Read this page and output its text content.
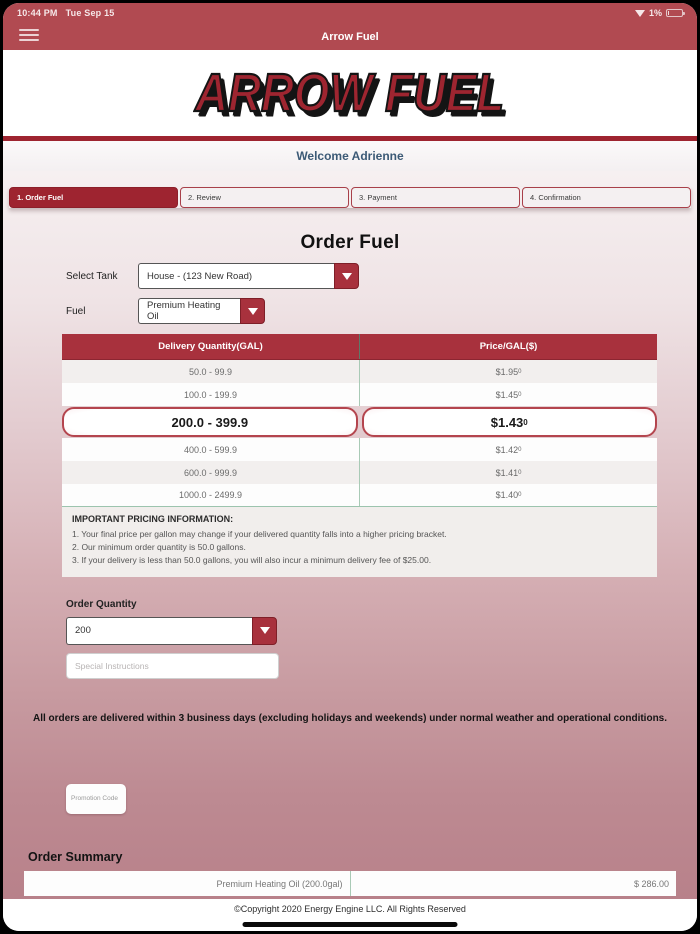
10:44 PM Tue Sep 15	1%
Arrow Fuel
ARROW FUEL
Welcome Adrienne
1. Order Fuel	2. Review	3. Payment	4. Confirmation
Order Fuel
Select Tank	House - (123 New Road)
Fuel	Premium Heating Oil
Delivery Quantity(GAL)	Price/GAL($)
50.0 - 99.9	$1.95 0
100.0 - 199.9	$1.45 0
200.0 - 399.9	$1.43 0
400.0 - 599.9	$1.42 0
600.0 - 999.9	$1.41 0
1000.0 - 2499.9	$1.40 0
IMPORTANT PRICING INFORMATION:
1. Your final price per gallon may change if your delivered quantity falls into a higher pricing bracket.
2. Our minimum order quantity is 50.0 gallons.
3. If your delivery is less than 50.0 gallons, you will also incur a minimum delivery fee of $25.00.
Order Quantity
200
Special Instructions
All orders are delivered within 3 business days (excluding holidays and weekends) under normal weather and operational conditions.
Promotion Code
Order Summary
Premium Heating Oil (200.0gal)	$ 286.00
©Copyright 2020 Energy Engine LLC. All Rights Reserved
